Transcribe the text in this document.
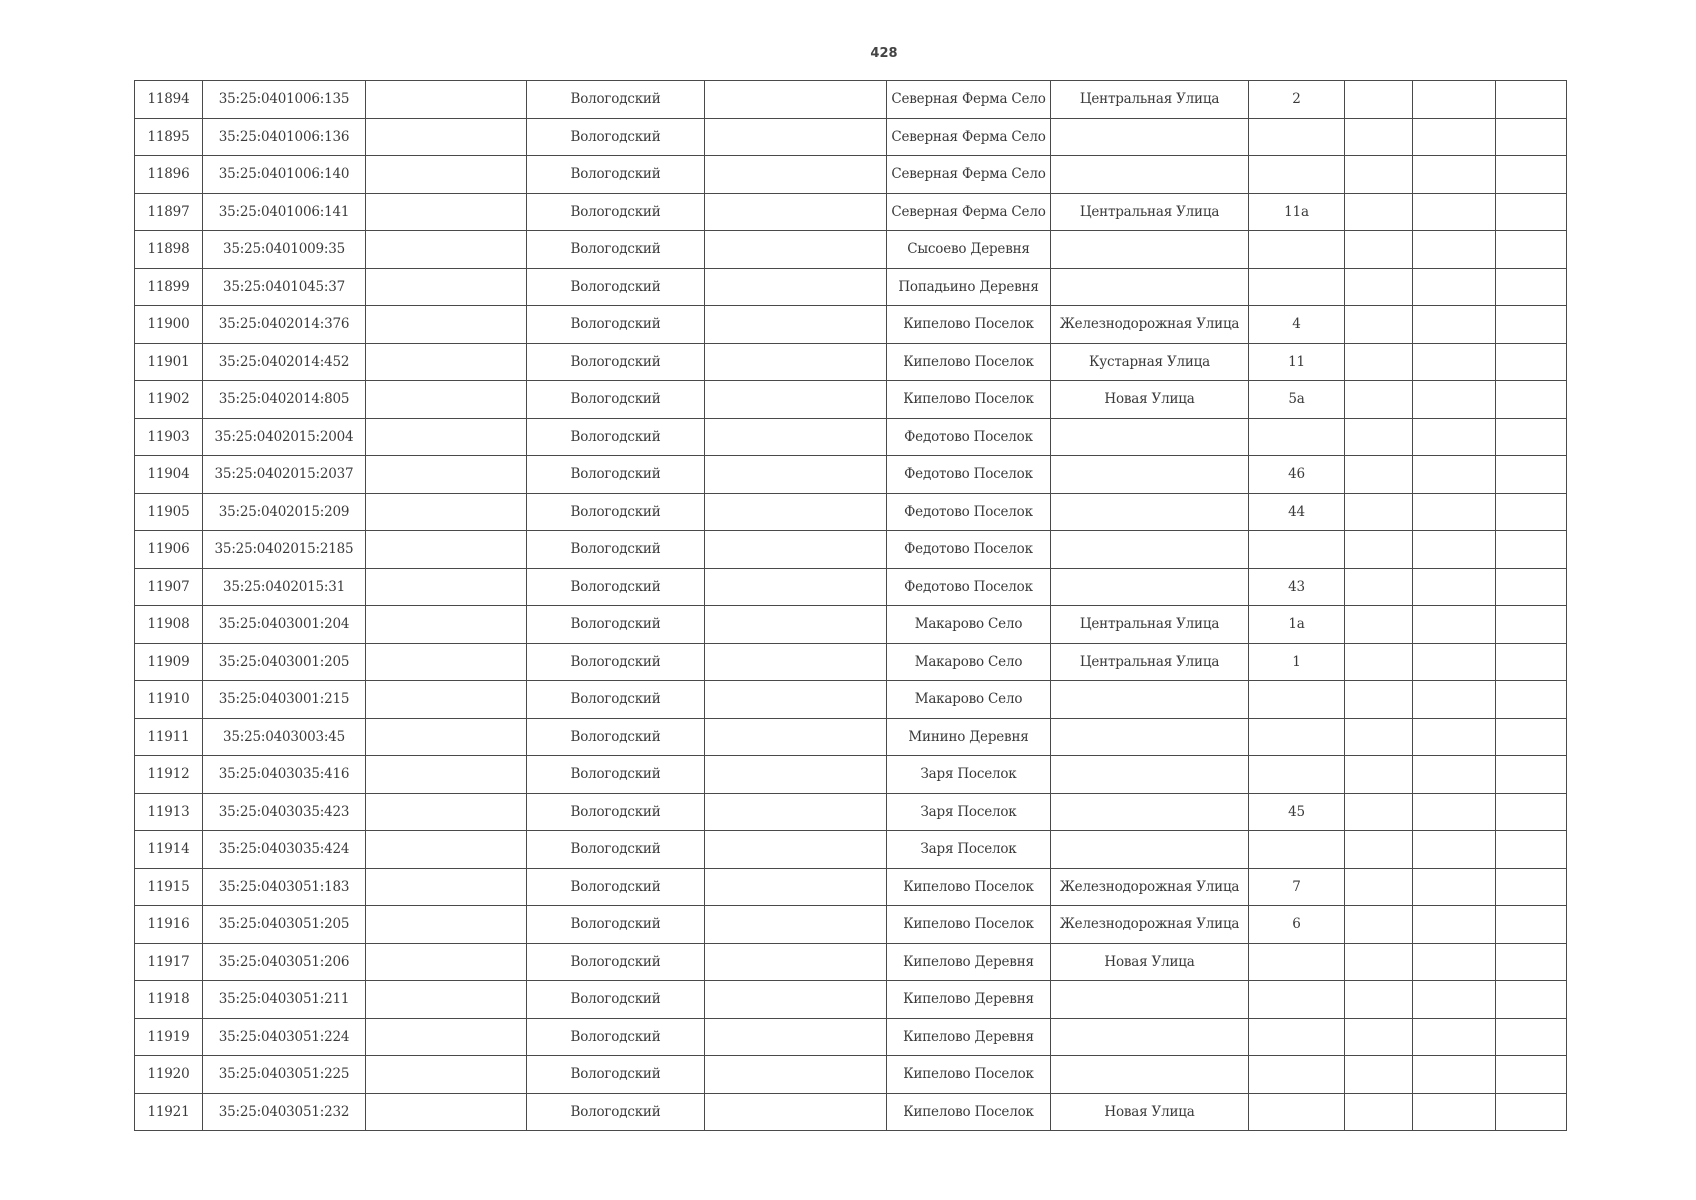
428
11894	35:25:0401006:135		Вологодский		Северная Ферма Село	Центральная Улица	2			
11895	35:25:0401006:136		Вологодский		Северная Ферма Село					
11896	35:25:0401006:140		Вологодский		Северная Ферма Село					
11897	35:25:0401006:141		Вологодский		Северная Ферма Село	Центральная Улица	11а			
11898	35:25:0401009:35		Вологодский		Сысоево Деревня					
11899	35:25:0401045:37		Вологодский		Попадьино Деревня					
11900	35:25:0402014:376		Вологодский		Кипелово Поселок	Железнодорожная Улица	4			
11901	35:25:0402014:452		Вологодский		Кипелово Поселок	Кустарная Улица	11			
11902	35:25:0402014:805		Вологодский		Кипелово Поселок	Новая Улица	5а			
11903	35:25:0402015:2004		Вологодский		Федотово Поселок					
11904	35:25:0402015:2037		Вологодский		Федотово Поселок		46			
11905	35:25:0402015:209		Вологодский		Федотово Поселок		44			
11906	35:25:0402015:2185		Вологодский		Федотово Поселок					
11907	35:25:0402015:31		Вологодский		Федотово Поселок		43			
11908	35:25:0403001:204		Вологодский		Макарово Село	Центральная Улица	1а			
11909	35:25:0403001:205		Вологодский		Макарово Село	Центральная Улица	1			
11910	35:25:0403001:215		Вологодский		Макарово Село					
11911	35:25:0403003:45		Вологодский		Минино Деревня					
11912	35:25:0403035:416		Вологодский		Заря Поселок					
11913	35:25:0403035:423		Вологодский		Заря Поселок		45			
11914	35:25:0403035:424		Вологодский		Заря Поселок					
11915	35:25:0403051:183		Вологодский		Кипелово Поселок	Железнодорожная Улица	7			
11916	35:25:0403051:205		Вологодский		Кипелово Поселок	Железнодорожная Улица	6			
11917	35:25:0403051:206		Вологодский		Кипелово Деревня	Новая Улица				
11918	35:25:0403051:211		Вологодский		Кипелово Деревня					
11919	35:25:0403051:224		Вологодский		Кипелово Деревня					
11920	35:25:0403051:225		Вологодский		Кипелово Поселок					
11921	35:25:0403051:232		Вологодский		Кипелово Поселок	Новая Улица				
